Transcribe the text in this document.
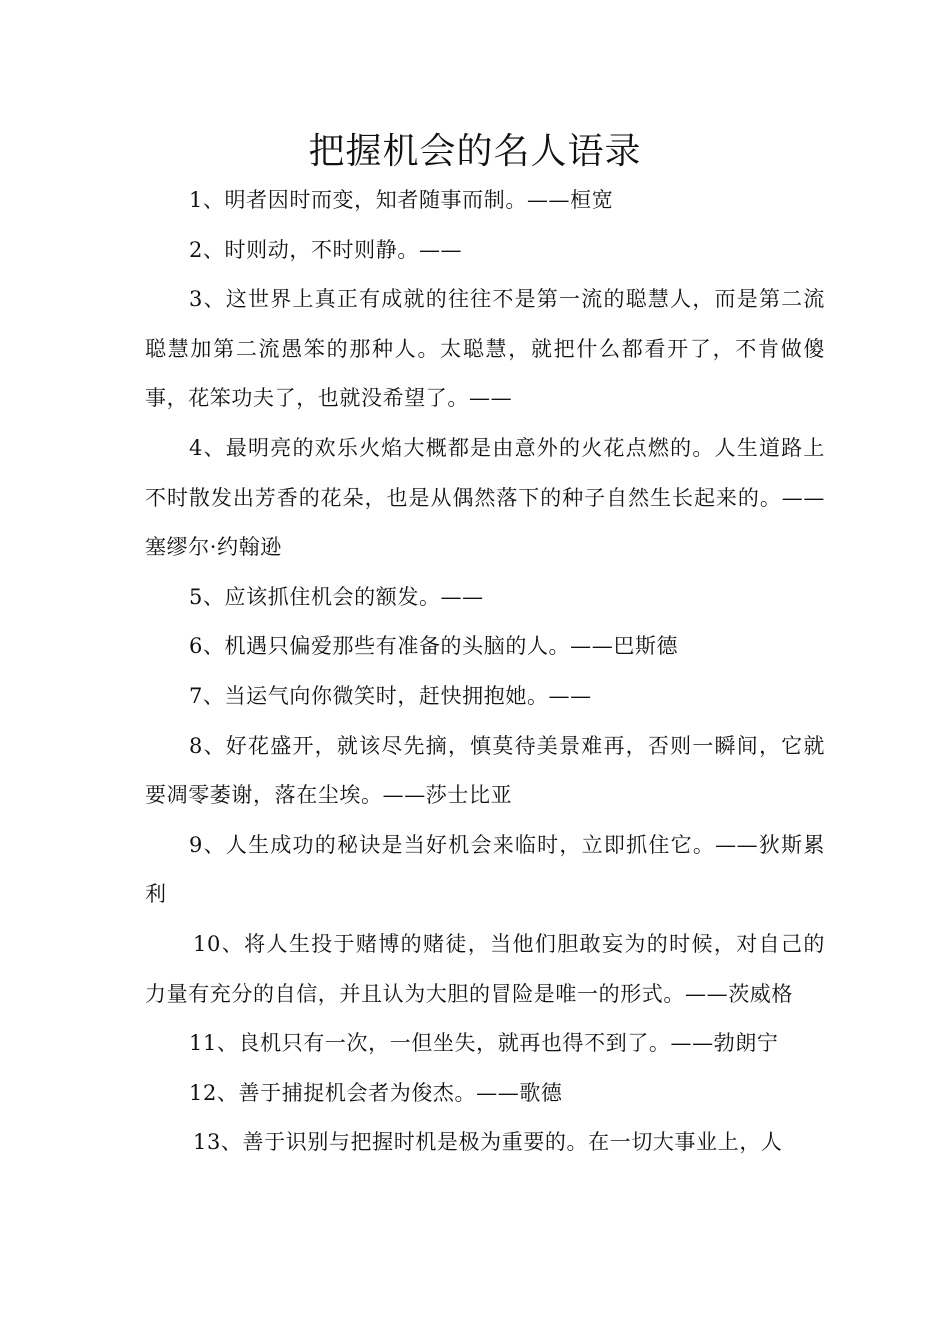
把握机会的名人语录

1、明者因时而变，知者随事而制。——桓宽

2、时则动，不时则静。——

3、这世界上真正有成就的往往不是第一流的聪慧人，而是第二流聪慧加第二流愚笨的那种人。太聪慧，就把什么都看开了，不肯做傻事，花笨功夫了，也就没希望了。——

4、最明亮的欢乐火焰大概都是由意外的火花点燃的。人生道路上不时散发出芳香的花朵，也是从偶然落下的种子自然生长起来的。——塞缪尔·约翰逊

5、应该抓住机会的额发。——

6、机遇只偏爱那些有准备的头脑的人。——巴斯德

7、当运气向你微笑时，赶快拥抱她。——

8、好花盛开，就该尽先摘，慎莫待美景难再，否则一瞬间，它就要凋零萎谢，落在尘埃。——莎士比亚

9、人生成功的秘诀是当好机会来临时，立即抓住它。——狄斯累利

10、将人生投于赌博的赌徒，当他们胆敢妄为的时候，对自己的力量有充分的自信，并且认为大胆的冒险是唯一的形式。——茨威格

11、良机只有一次，一但坐失，就再也得不到了。——勃朗宁

12、善于捕捉机会者为俊杰。——歌德

13、善于识别与把握时机是极为重要的。在一切大事业上，人
